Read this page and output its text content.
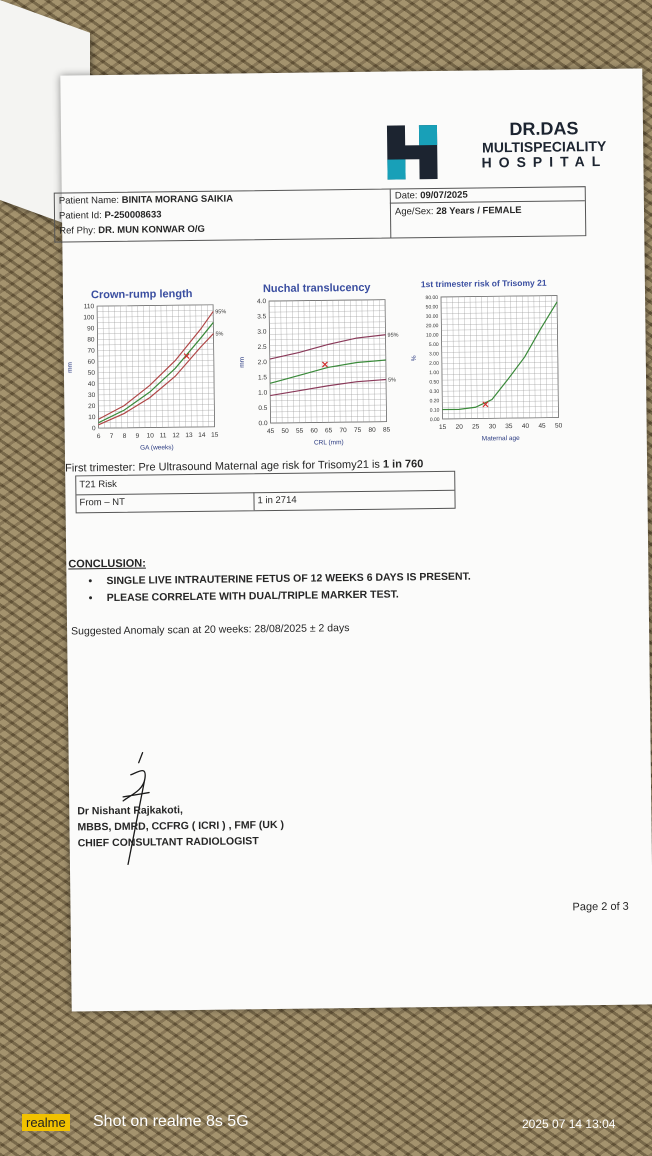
DR.DAS
MULTISPECIALITY
HOSPITAL
Patient Name: BINITA MORANG SAIKIA
Patient Id: P-250008633
Ref Phy: DR. MUN KONWAR O/G
Date: 09/07/2025
Age/Sex: 28 Years / FEMALE
Crown-rump length	Nuchal translucency	1st trimester risk of Trisomy 21
6 7 8 9 10 11 12 13 14 15
0
10
20
30
40
50
60
70
80
90
100
110
GA (weeks)
mm
95%
5%
45 50 55 60 65 70 75 80 85
0.0
0.5
1.0
1.5
2.0
2.5
3.0
3.5
4.0
CRL (mm)
mm
95%
5%
15 20 25 30 35 40 45 50
0.00
0.10
0.20
0.30
0.50
1.00
2.00
3.00
5.00
10.00
20.00
30.00
50.00
80.00
Maternal age
%
First trimester: Pre Ultrasound Maternal age risk for Trisomy21 is 1 in 760
T21 Risk
From – NT	1 in 2714
CONCLUSION:
• SINGLE LIVE INTRAUTERINE FETUS OF 12 WEEKS 6 DAYS IS PRESENT.
• PLEASE CORRELATE WITH DUAL/TRIPLE MARKER TEST.
Suggested Anomaly scan at 20 weeks: 28/08/2025 ± 2 days
Dr Nishant Rajkakoti,
MBBS, DMRD, CCFRG ( ICRI ) , FMF (UK )
CHIEF CONSULTANT RADIOLOGIST
Page 2 of 3
realme Shot on realme 8s 5G	2025 07 14 13:04
